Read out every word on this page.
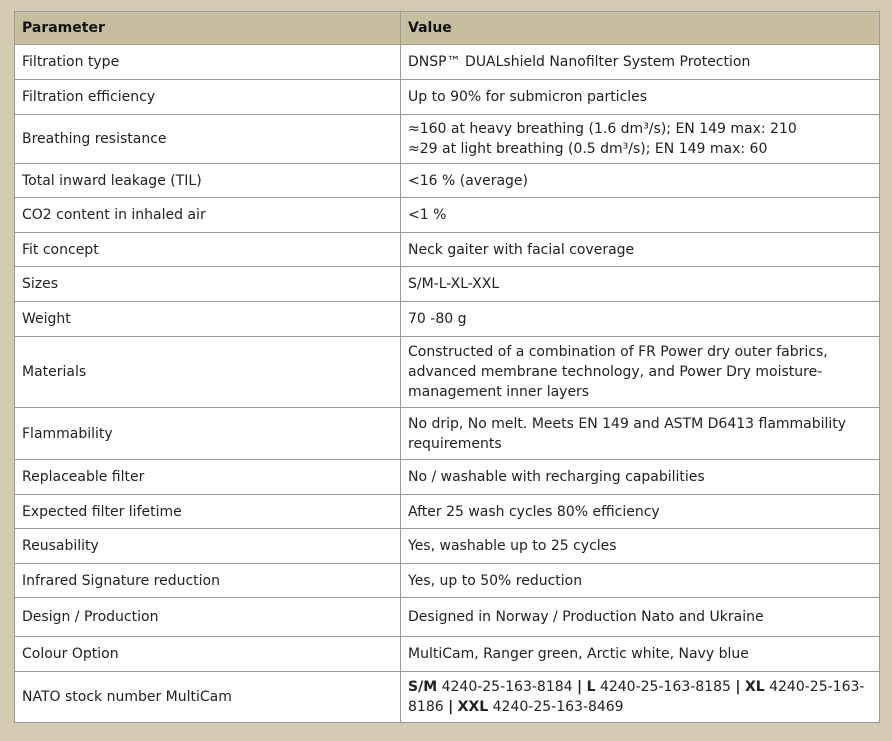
Parameter	Value
Filtration type	DNSP™ DUALshield Nanofilter System Protection
Filtration efficiency	Up to 90% for submicron particles
Breathing resistance	≈160 at heavy breathing (1.6 dm³/s); EN 149 max: 210
≈29 at light breathing (0.5 dm³/s); EN 149 max: 60

Total inward leakage (TIL)	<16 % (average)
CO2 content in inhaled air	<1 %
Fit concept	Neck gaiter with facial coverage
Sizes	S/M-L-XL-XXL
Weight	70 -80 g
Materials	Constructed of a combination of FR Power dry outer fabrics,
advanced membrane technology, and Power Dry moisture-
management inner layers

Flammability	No drip, No melt. Meets EN 149 and ASTM D6413 flammability
requirements

Replaceable filter	No / washable with recharging capabilities
Expected filter lifetime	After 25 wash cycles 80% efficiency
Reusability	Yes, washable up to 25 cycles
Infrared Signature reduction	Yes, up to 50% reduction
Design / Production	Designed in Norway / Production Nato and Ukraine
Colour Option	MultiCam, Ranger green, Arctic white, Navy blue
NATO stock number MultiCam	S/M 4240-25-163-8184 | L 4240-25-163-8185 | XL 4240-25-163-8186 | XXL 4240-25-163-8469
